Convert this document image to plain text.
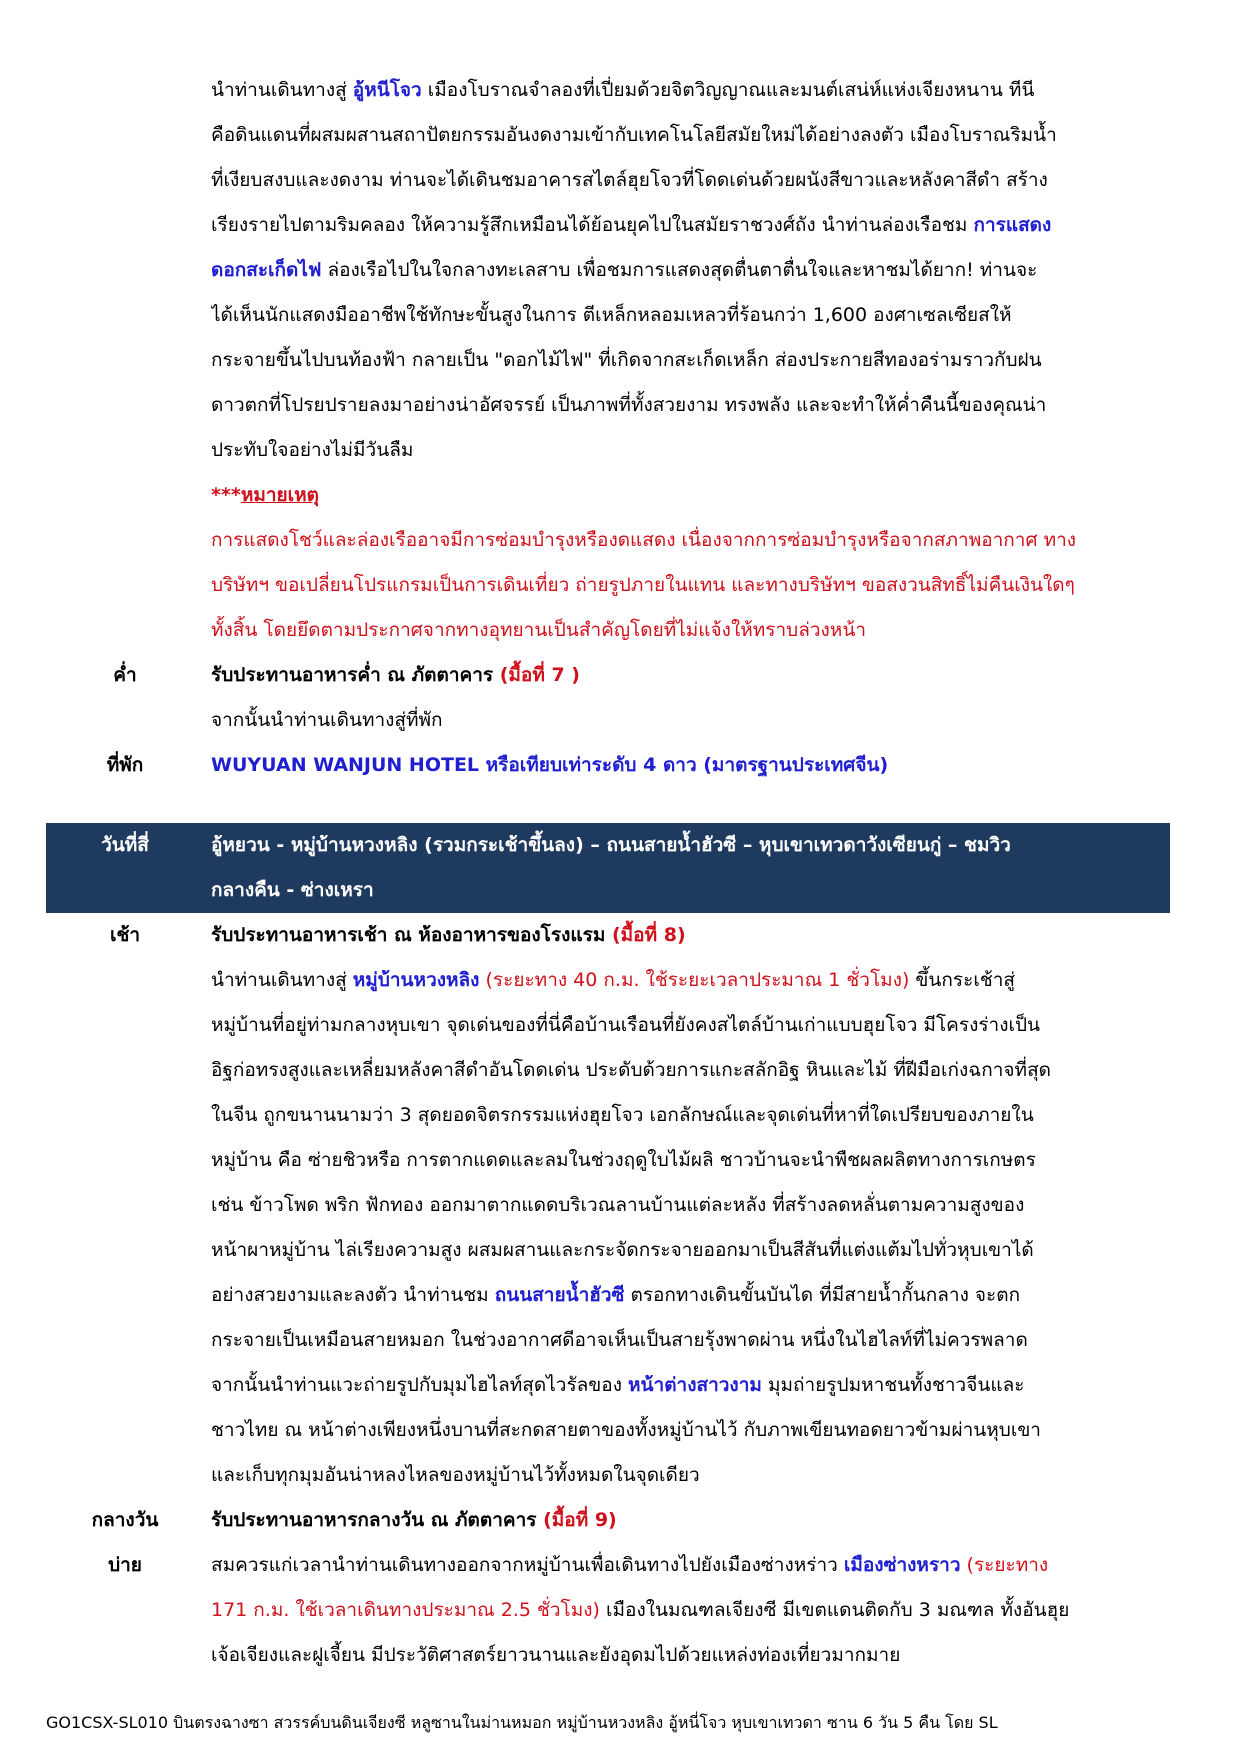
นำท่านเดินทางสู่ อู้หนีโจว เมืองโบราณจำลองที่เปี่ยมด้วยจิตวิญญาณและมนต์เสน่ห์แห่งเจียงหนาน ทีนี
คือดินแดนที่ผสมผสานสถาปัตยกรรมอันงดงามเข้ากับเทคโนโลยีสมัยใหม่ได้อย่างลงตัว เมืองโบราณริมน้ำ
ที่เงียบสงบและงดงาม ท่านจะได้เดินชมอาคารสไตล์ฮุยโจวที่โดดเด่นด้วยผนังสีขาวและหลังคาสีดำ สร้าง
เรียงรายไปตามริมคลอง ให้ความรู้สึกเหมือนได้ย้อนยุคไปในสมัยราชวงศ์ถัง นำท่านล่องเรือชม การแสดง
ดอกสะเก็ดไฟ ล่องเรือไปในใจกลางทะเลสาบ เพื่อชมการแสดงสุดตื่นตาตื่นใจและหาชมได้ยาก! ท่านจะ
ได้เห็นนักแสดงมืออาชีพใช้ทักษะขั้นสูงในการ ตีเหล็กหลอมเหลวที่ร้อนกว่า 1,600 องศาเซลเซียสให้
กระจายขึ้นไปบนท้องฟ้า กลายเป็น "ดอกไม้ไฟ" ที่เกิดจากสะเก็ดเหล็ก ส่องประกายสีทองอร่ามราวกับฝน
ดาวตกที่โปรยปรายลงมาอย่างน่าอัศจรรย์ เป็นภาพที่ทั้งสวยงาม ทรงพลัง และจะทำให้ค่ำคืนนี้ของคุณน่า
ประทับใจอย่างไม่มีวันลืม
***หมายเหตุ
การแสดงโชว์และล่องเรืออาจมีการซ่อมบำรุงหรืองดแสดง เนื่องจากการซ่อมบำรุงหรือจากสภาพอากาศ ทาง
บริษัทฯ ขอเปลี่ยนโปรแกรมเป็นการเดินเที่ยว ถ่ายรูปภายในแทน และทางบริษัทฯ ขอสงวนสิทธิ์ไม่คืนเงินใดๆ
ทั้งสิ้น โดยยึดตามประกาศจากทางอุทยานเป็นสำคัญโดยที่ไม่แจ้งให้ทราบล่วงหน้า
ค่ำ	รับประทานอาหารค่ำ ณ ภัตตาคาร (มื้อที่ 7 )
จากนั้นนำท่านเดินทางสู่ที่พัก
ที่พัก	WUYUAN WANJUN HOTEL หรือเทียบเท่าระดับ 4 ดาว (มาตรฐานประเทศจีน)
วันที่สี่	อู้หยวน - หมู่บ้านหวงหลิง (รวมกระเช้าขึ้นลง) – ถนนสายน้ำฮัวซี – หุบเขาเทวดาวังเซียนกู่ – ชมวิว
กลางคืน - ซ่างเหรา
เช้า	รับประทานอาหารเช้า ณ ห้องอาหารของโรงแรม (มื้อที่ 8)
นำท่านเดินทางสู่ หมู่บ้านหวงหลิง (ระยะทาง 40 ก.ม. ใช้ระยะเวลาประมาณ 1 ชั่วโมง) ขึ้นกระเช้าสู่
หมู่บ้านที่อยู่ท่ามกลางหุบเขา จุดเด่นของที่นี่คือบ้านเรือนที่ยังคงสไตล์บ้านเก่าแบบฮุยโจว มีโครงร่างเป็น
อิฐก่อทรงสูงและเหลี่ยมหลังคาสีดำอันโดดเด่น ประดับด้วยการแกะสลักอิฐ หินและไม้ ที่ฝีมือเก่งฉกาจที่สุด
ในจีน ถูกขนานนามว่า 3 สุดยอดจิตรกรรมแห่งฮุยโจว เอกลักษณ์และจุดเด่นที่หาที่ใดเปรียบของภายใน
หมู่บ้าน คือ ซ่ายชิวหรือ การตากแดดและลมในช่วงฤดูใบไม้ผลิ ชาวบ้านจะนำพืชผลผลิตทางการเกษตร
เช่น ข้าวโพด พริก ฟักทอง ออกมาตากแดดบริเวณลานบ้านแต่ละหลัง ที่สร้างลดหลั่นตามความสูงของ
หน้าผาหมู่บ้าน ไล่เรียงความสูง ผสมผสานและกระจัดกระจายออกมาเป็นสีสันที่แต่งแต้มไปทั่วหุบเขาได้
อย่างสวยงามและลงตัว นำท่านชม ถนนสายน้ำฮัวซี ตรอกทางเดินขั้นบันได ที่มีสายน้ำกั้นกลาง จะตก
กระจายเป็นเหมือนสายหมอก ในช่วงอากาศดีอาจเห็นเป็นสายรุ้งพาดผ่าน หนึ่งในไฮไลท์ที่ไม่ควรพลาด
จากนั้นนำท่านแวะถ่ายรูปกับมุมไฮไลท์สุดไวรัลของ หน้าต่างสาวงาม มุมถ่ายรูปมหาชนทั้งชาวจีนและ
ชาวไทย ณ หน้าต่างเพียงหนึ่งบานที่สะกดสายตาของทั้งหมู่บ้านไว้ กับภาพเขียนทอดยาวข้ามผ่านหุบเขา
และเก็บทุกมุมอันน่าหลงไหลของหมู่บ้านไว้ทั้งหมดในจุดเดียว
กลางวัน	รับประทานอาหารกลางวัน ณ ภัตตาคาร (มื้อที่ 9)
บ่าย	สมควรแก่เวลานำท่านเดินทางออกจากหมู่บ้านเพื่อเดินทางไปยังเมืองซ่างหร่าว เมืองซ่างหราว (ระยะทาง
171 ก.ม. ใช้เวลาเดินทางประมาณ 2.5 ชั่วโมง) เมืองในมณฑลเจียงซี มีเขตแดนติดกับ 3 มณฑล ทั้งอันฮุย
เจ้อเจียงและฝูเจี้ยน มีประวัติศาสตร์ยาวนานและยังอุดมไปด้วยแหล่งท่องเที่ยวมากมาย
GO1CSX-SL010 บินตรงฉางซา สวรรค์บนดินเจียงซี หลูซานในม่านหมอก หมู่บ้านหวงหลิง อู้หนี่โจว หุบเขาเทวดา ซาน 6 วัน 5 คืน โดย SL
